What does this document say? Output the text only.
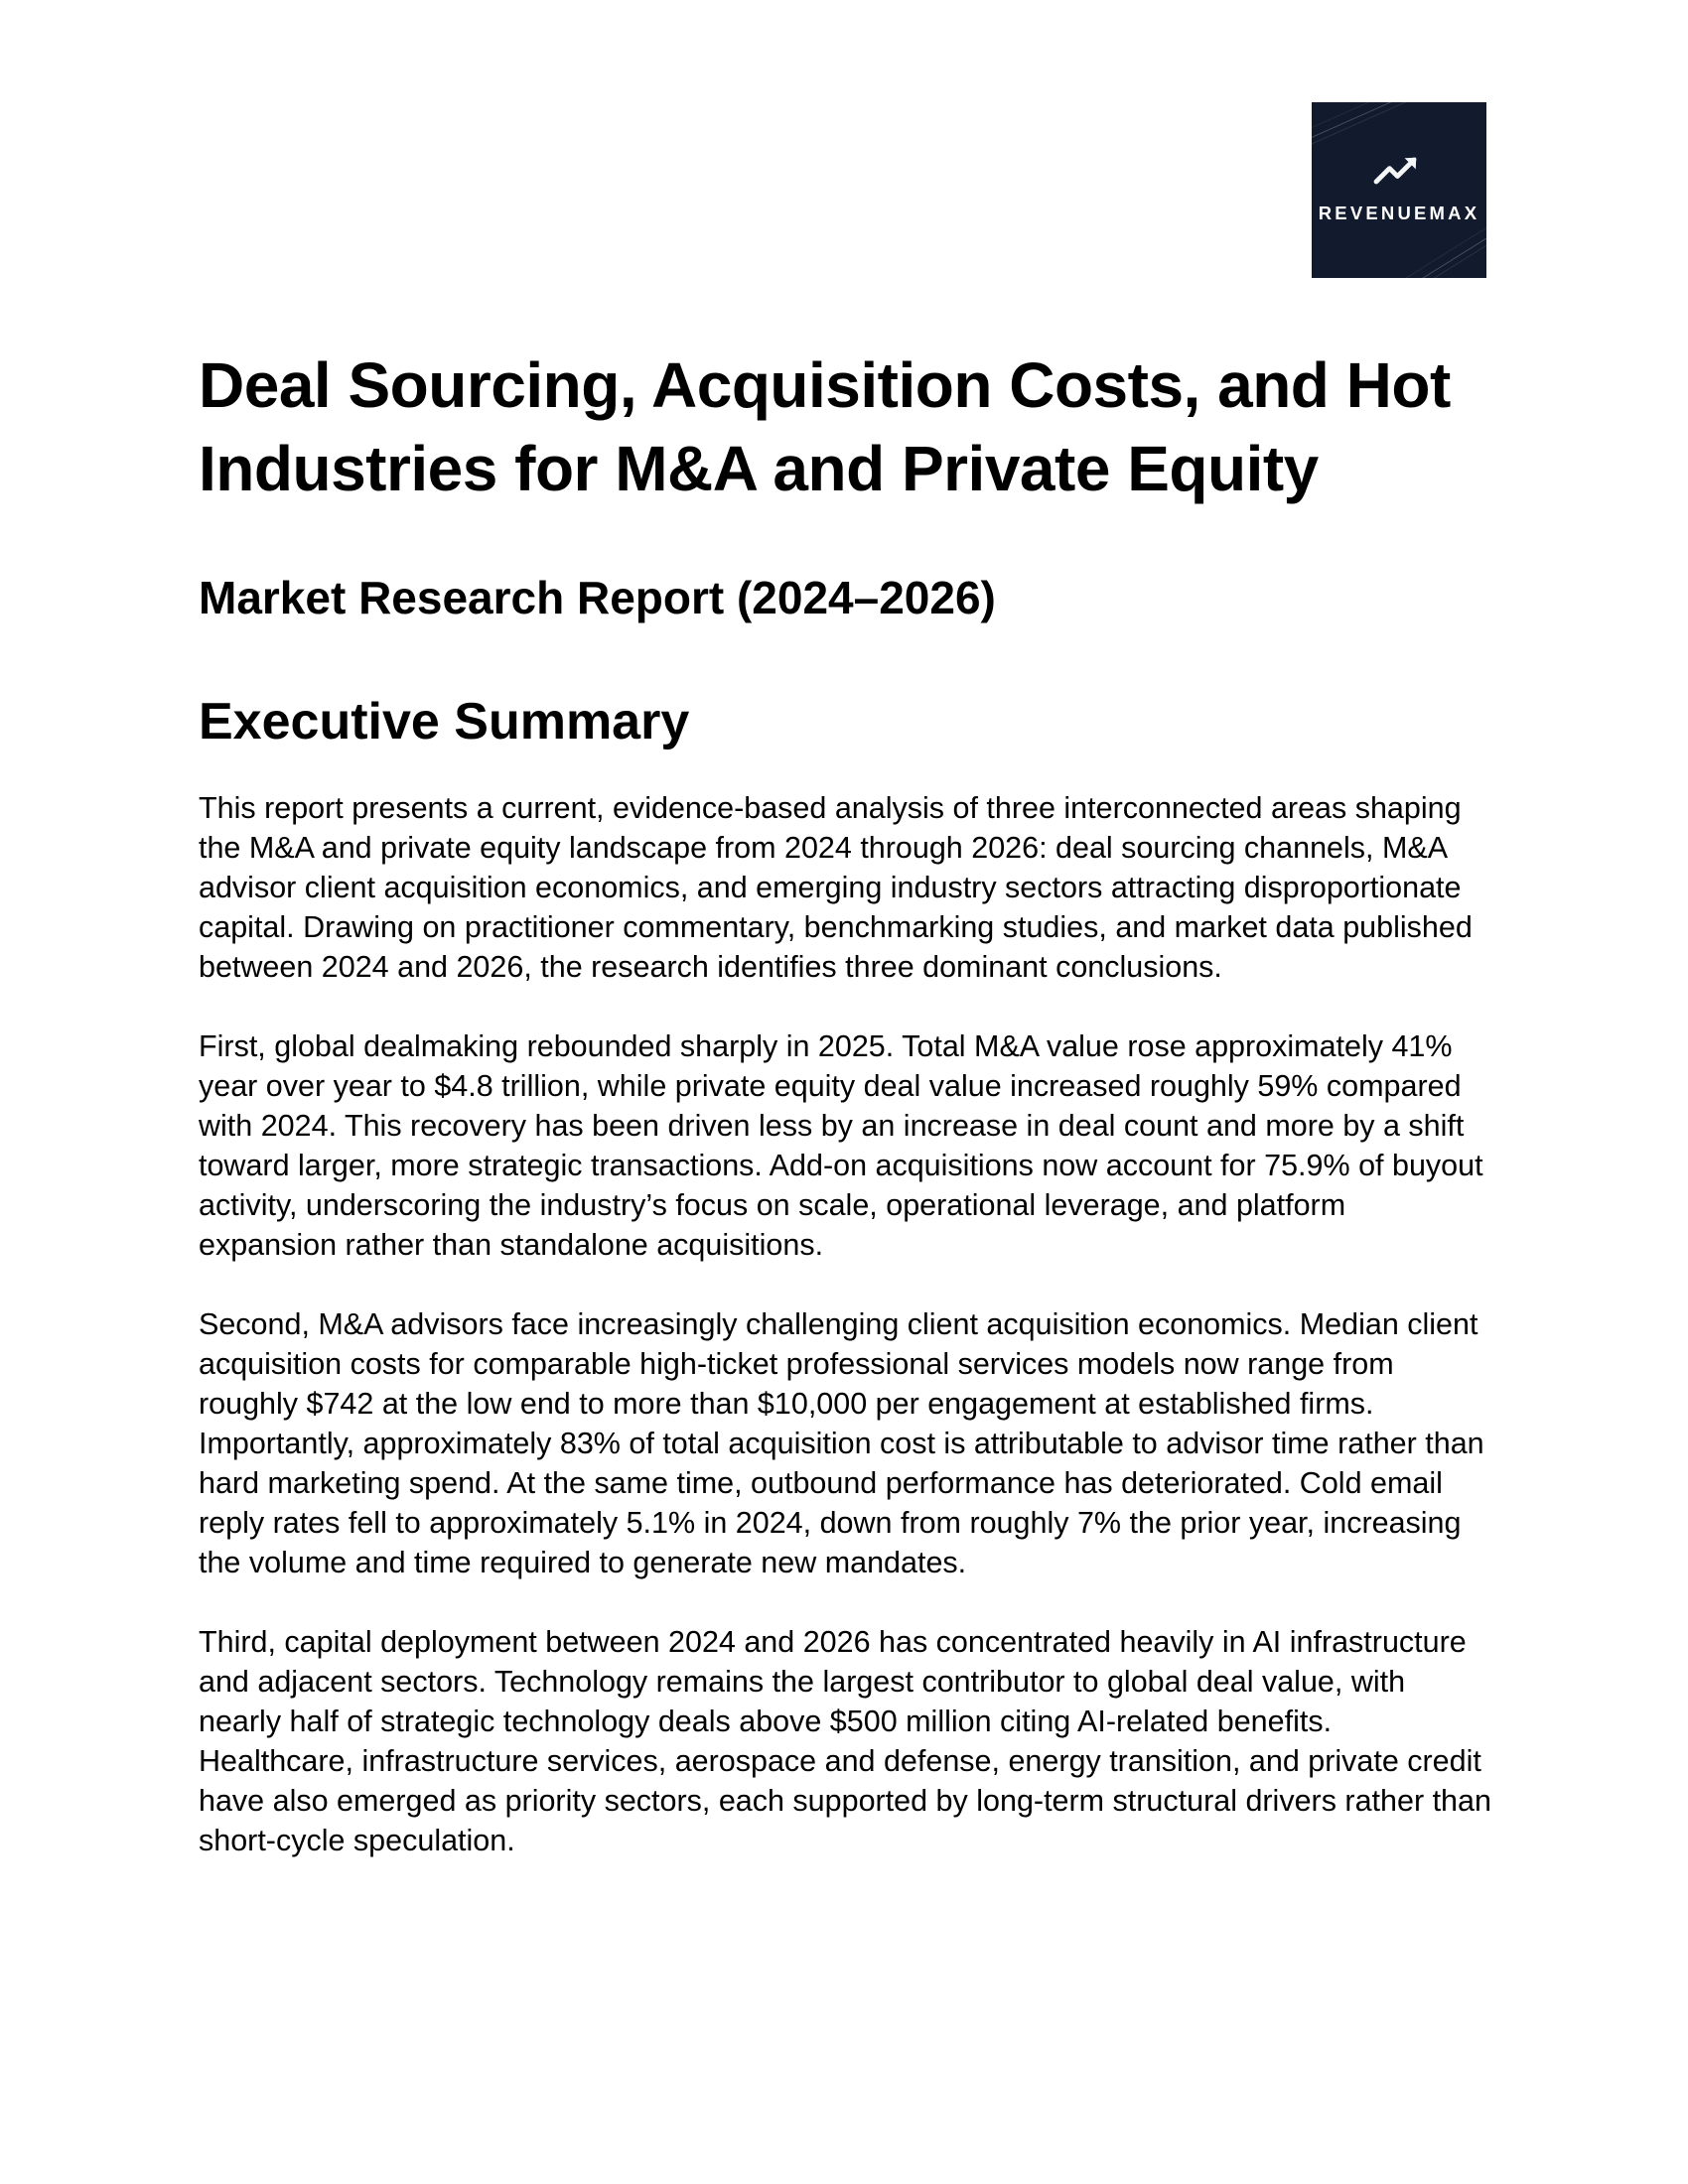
REVENUEMAX
Deal Sourcing, Acquisition Costs, and Hot
Industries for M&A and Private Equity
Market Research Report (2024–2026)
Executive Summary

This report presents a current, evidence-based analysis of three interconnected areas shaping the M&A and private equity landscape from 2024 through 2026: deal sourcing channels, M&A advisor client acquisition economics, and emerging industry sectors attracting disproportionate capital. Drawing on practitioner commentary, benchmarking studies, and market data published between 2024 and 2026, the research identifies three dominant conclusions.

First, global dealmaking rebounded sharply in 2025. Total M&A value rose approximately 41% year over year to $4.8 trillion, while private equity deal value increased roughly 59% compared with 2024. This recovery has been driven less by an increase in deal count and more by a shift toward larger, more strategic transactions. Add-on acquisitions now account for 75.9% of buyout activity, underscoring the industry’s focus on scale, operational leverage, and platform expansion rather than standalone acquisitions.

Second, M&A advisors face increasingly challenging client acquisition economics. Median client acquisition costs for comparable high-ticket professional services models now range from roughly $742 at the low end to more than $10,000 per engagement at established firms. Importantly, approximately 83% of total acquisition cost is attributable to advisor time rather than hard marketing spend. At the same time, outbound performance has deteriorated. Cold email reply rates fell to approximately 5.1% in 2024, down from roughly 7% the prior year, increasing the volume and time required to generate new mandates.

Third, capital deployment between 2024 and 2026 has concentrated heavily in AI infrastructure and adjacent sectors. Technology remains the largest contributor to global deal value, with nearly half of strategic technology deals above $500 million citing AI-related benefits. Healthcare, infrastructure services, aerospace and defense, energy transition, and private credit have also emerged as priority sectors, each supported by long-term structural drivers rather than short-cycle speculation.
